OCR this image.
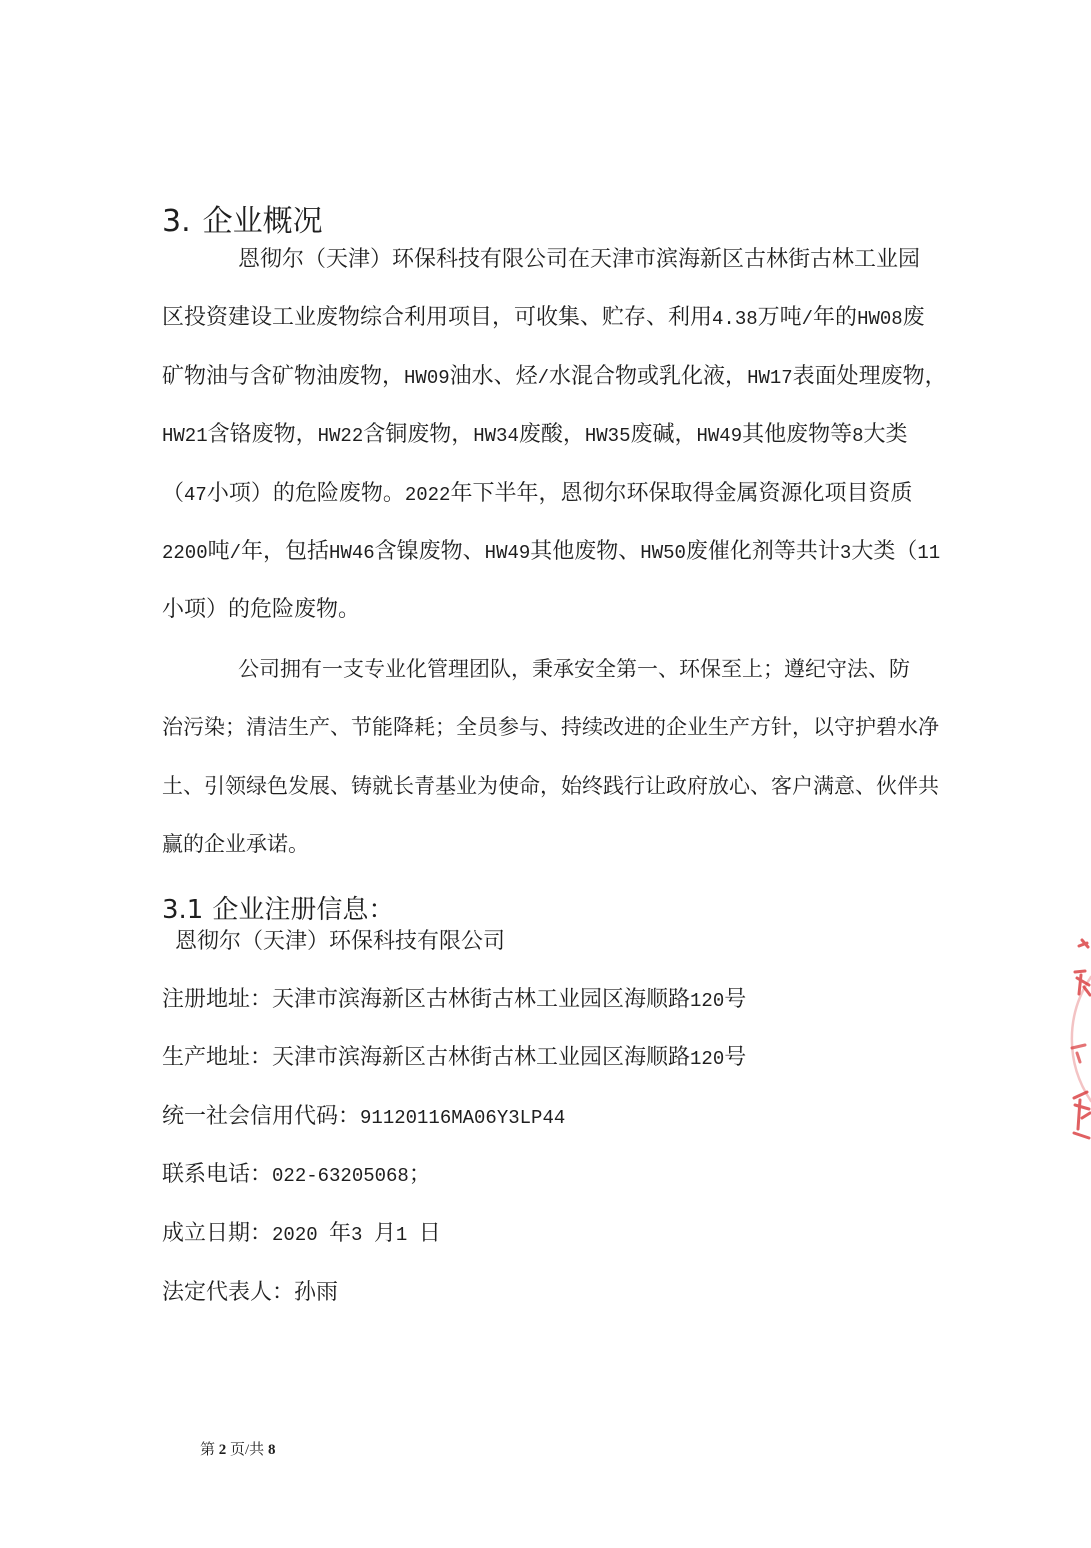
3. 企业概况
恩彻尔（天津）环保科技有限公司在天津市滨海新区古林街古林工业园
区投资建设工业废物综合利用项目，可收集、贮存、利用4.38万吨/年的HW08废
矿物油与含矿物油废物，HW09油水、烃/水混合物或乳化液，HW17表面处理废物，
HW21含铬废物，HW22含铜废物，HW34废酸，HW35废碱，HW49其他废物等8大类
（47小项）的危险废物。2022年下半年，恩彻尔环保取得金属资源化项目资质
2200吨/年，包括HW46含镍废物、HW49其他废物、HW50废催化剂等共计3大类（11
小项）的危险废物。
公司拥有一支专业化管理团队，秉承安全第一、环保至上；遵纪守法、防
治污染；清洁生产、节能降耗；全员参与、持续改进的企业生产方针，以守护碧水净
土、引领绿色发展、铸就长青基业为使命，始终践行让政府放心、客户满意、伙伴共
赢的企业承诺。
3.1 企业注册信息：
恩彻尔（天津）环保科技有限公司
注册地址：天津市滨海新区古林街古林工业园区海顺路120号
生产地址：天津市滨海新区古林街古林工业园区海顺路120号
统一社会信用代码：91120116MA06Y3LP44
联系电话：022-63205068；
成立日期：2020 年3 月1 日
法定代表人：孙雨
第 2 页/共 8
